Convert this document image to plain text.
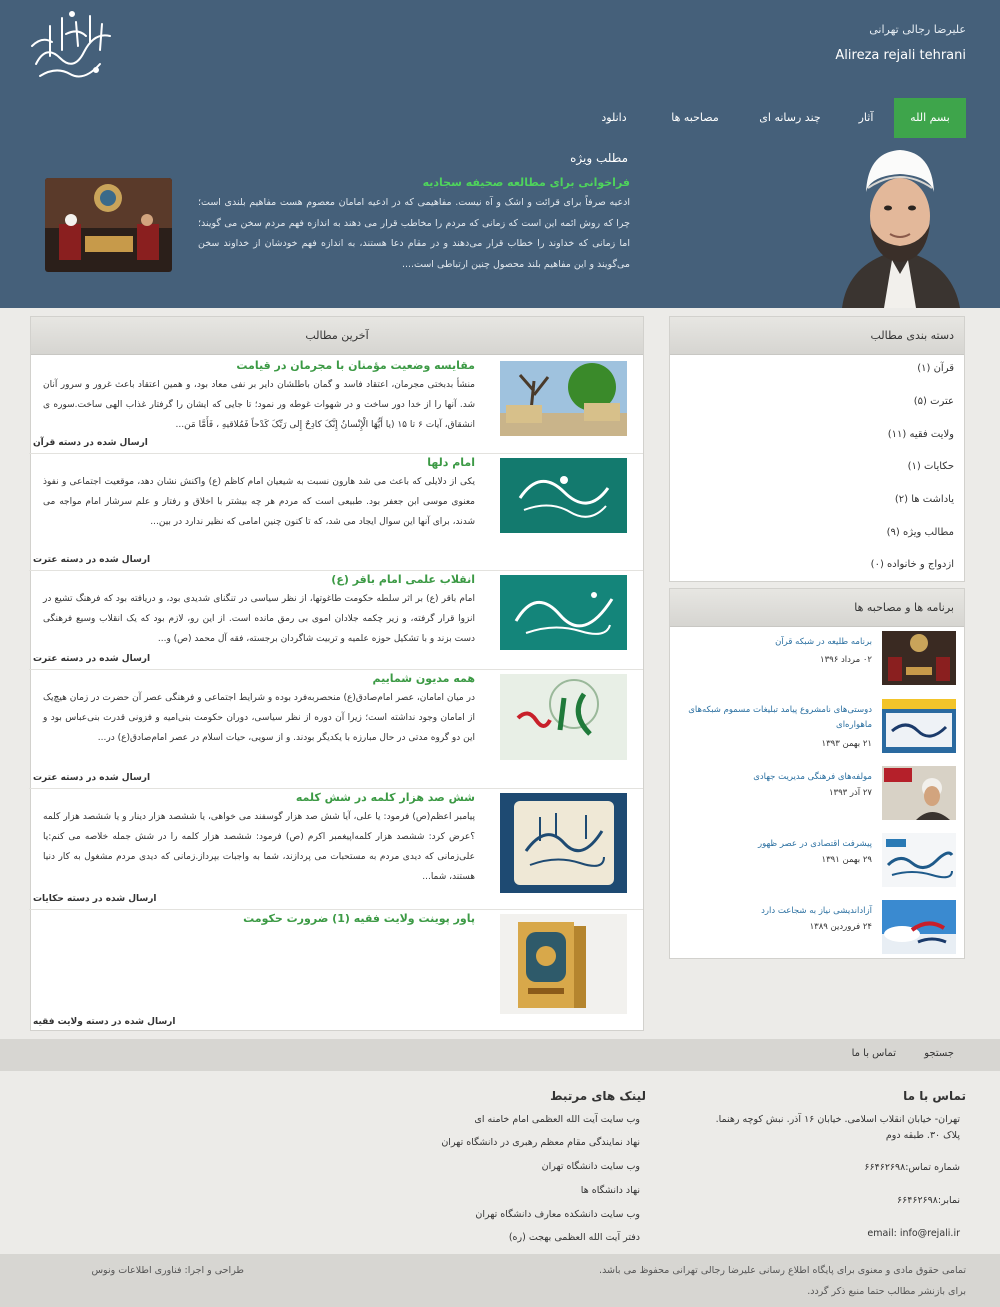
علیرضا رجالی تهرانی
Alireza rejali tehrani
بسم الله
آثار
چند رسانه ای
مصاحبه ها
دانلود
مطلب ویژه
فراخوانی برای مطالعه صحیفه سجادیه
ادعیه صرفاً برای قرائت و اشک و آه نیست. مفاهیمی که در ادعیه امامان معصوم هست مفاهیم بلندی است؛ چرا که روش ائمه این است که زمانی که مردم را مخاطب قرار می دهند به اندازه فهم مردم سخن می گویند؛ اما زمانی که خداوند را خطاب قرار می‌دهند و در مقام دعا هستند، به اندازه فهم خودشان از خداوند سخن می‌گویند و این مفاهیم بلند محصول چنین ارتباطی است....
آخرین مطالب
مقایسه وضعیت مؤمنان با مجرمان در قیامت
منشأ بدبختی مجرمان، اعتقاد فاسد و گمان باطلشان دایر بر نفی معاد بود، و همین اعتقاد باعث غرور و سرور آنان شد. آنها را از خدا دور ساخت و در شهوات غوطه ور نمود؛ تا جایی که ایشان را گرفتار غذاب الهی ساخت.سوره ی انشقاق، آیات ۶ تا ۱۵ (یا أَیُّهَا الْإِنْسانُ إِنَّکَ کادِحٌ إِلی رَبِّکَ کَدْحاً فَمُلاقیهِ ، فَأَمَّا مَن...
ارسال شده در دسته قرآن
امام دلها
یکی از دلایلی که باعث می شد هارون نسبت به شیعیان امام کاظم (ع) واکنش نشان دهد، موقعیت اجتماعی و نفوذ معنوی موسی ابن جعفر بود. طبیعی است که مردم هر چه بیشتر با اخلاق و رفتار و علم سرشار امام مواجه می شدند، برای آنها این سوال ایجاد می شد، که تا کنون چنین امامی که نظیر ندارد در بین...
ارسال شده در دسته عترت
انقلاب علمی امام باقر (ع)
امام باقر (ع) بر اثر سلطه حکومت طاغوتها، از نظر سیاسی در تنگنای شدیدی بود، و دریافته بود که فرهنگ تشیع در انزوا قرار گرفته، و زیر چکمه جلادان اموی بی رمق مانده است. از این رو، لازم بود که یک انقلاب وسیع فرهنگی دست بزند و با تشکیل حوزه علمیه و تربیت شاگردان برجسته، فقه آل محمد (ص) و...
ارسال شده در دسته عترت
همه مدیون شمایيم
در میان امامان، عصر امام‌صادق(ع) منحصربه‌فرد بوده و شرایط اجتماعی و فرهنگی عصر آن حضرت در زمان هیچ‌یک از امامان وجود نداشته است؛ زیرا آن دوره از نظر سیاسی، دوران حکومت بنی‌امیه و فزونی قدرت بنی‌عباس بود و این دو گروه مدتی در حال مبارزه با یکدیگر بودند. و از سویی، حیات اسلام در عصر امام‌صادق(ع) در...
ارسال شده در دسته عترت
شش صد هزار کلمه در شش کلمه
پیامبر اعظم(ص) فرمود: یا علی، آیا شش صد هزار گوسفند می خواهی، یا ششصد هزار دینار و یا ششصد هزار کلمه ؟عرض کرد: ششصد هزار کلمه‌اپیغمبر اکرم (ص) فرمود: ششصد هزار کلمه را در شش جمله خلاصه می کنم:یا علی‌زمانی که دیدی مردم به مستحبات می پردازند، شما به واجبات بپرداز.زمانی که دیدی مردم مشغول به کار دنیا هستند، شما...
ارسال شده در دسته حکایات
پاور پوینت ولایت فقیه (1) ضرورت حکومت
ارسال شده در دسته ولایت فقیه
دسته بندی مطالب
قرآن (۱)
عترت (۵)
ولایت فقیه (۱۱)
حکایات (۱)
یاداشت ها (۲)
مطالب ویژه (۹)
ازدواج و خانواده (۰)
برنامه ها و مصاحبه ها
برنامه طلیعه در شبکه قرآن
۰۲ مرداد ۱۳۹۶
دوستی‌های نامشروع پیامد تبلیغات مسموم شبکه‌های ماهواره‌ای
۲۱ بهمن ۱۳۹۳
مولفه‌های فرهنگی مدیریت جهادی
۲۷ آذر ۱۳۹۳
پیشرفت اقتصادی در عصر ظهور
۲۹ بهمن ۱۳۹۱
آزاداندیشی نیاز به شجاعت دارد
۲۴ فروردین ۱۳۸۹
جستجو
تماس با ما
تماس با ما
تهران- خیابان انقلاب اسلامی. خیابان ۱۶ آذر. نبش کوچه رهنما.
پلاک ۳۰. طبقه دوم
شماره تماس:۶۶۴۶۲۶۹۸
نمابر:۶۶۴۶۲۶۹۸
email: info@rejali.ir
لینک های مرتبط
وب سایت آیت الله العظمی امام خامنه ای
نهاد نمایندگی مقام معظم رهبری در دانشگاه تهران
وب سایت دانشگاه تهران
نهاد دانشگاه ها
وب سایت دانشکده معارف دانشگاه تهران
دفتر آیت الله العظمی بهجت (ره)
تمامی حقوق مادی و معنوی برای پایگاه اطلاع رسانی علیرضا رجالی تهرانی محفوظ می باشد.
برای بازنشر مطالب حتما منبع ذکر گردد.
طراحی و اجرا: فناوری اطلاعات ونوس
